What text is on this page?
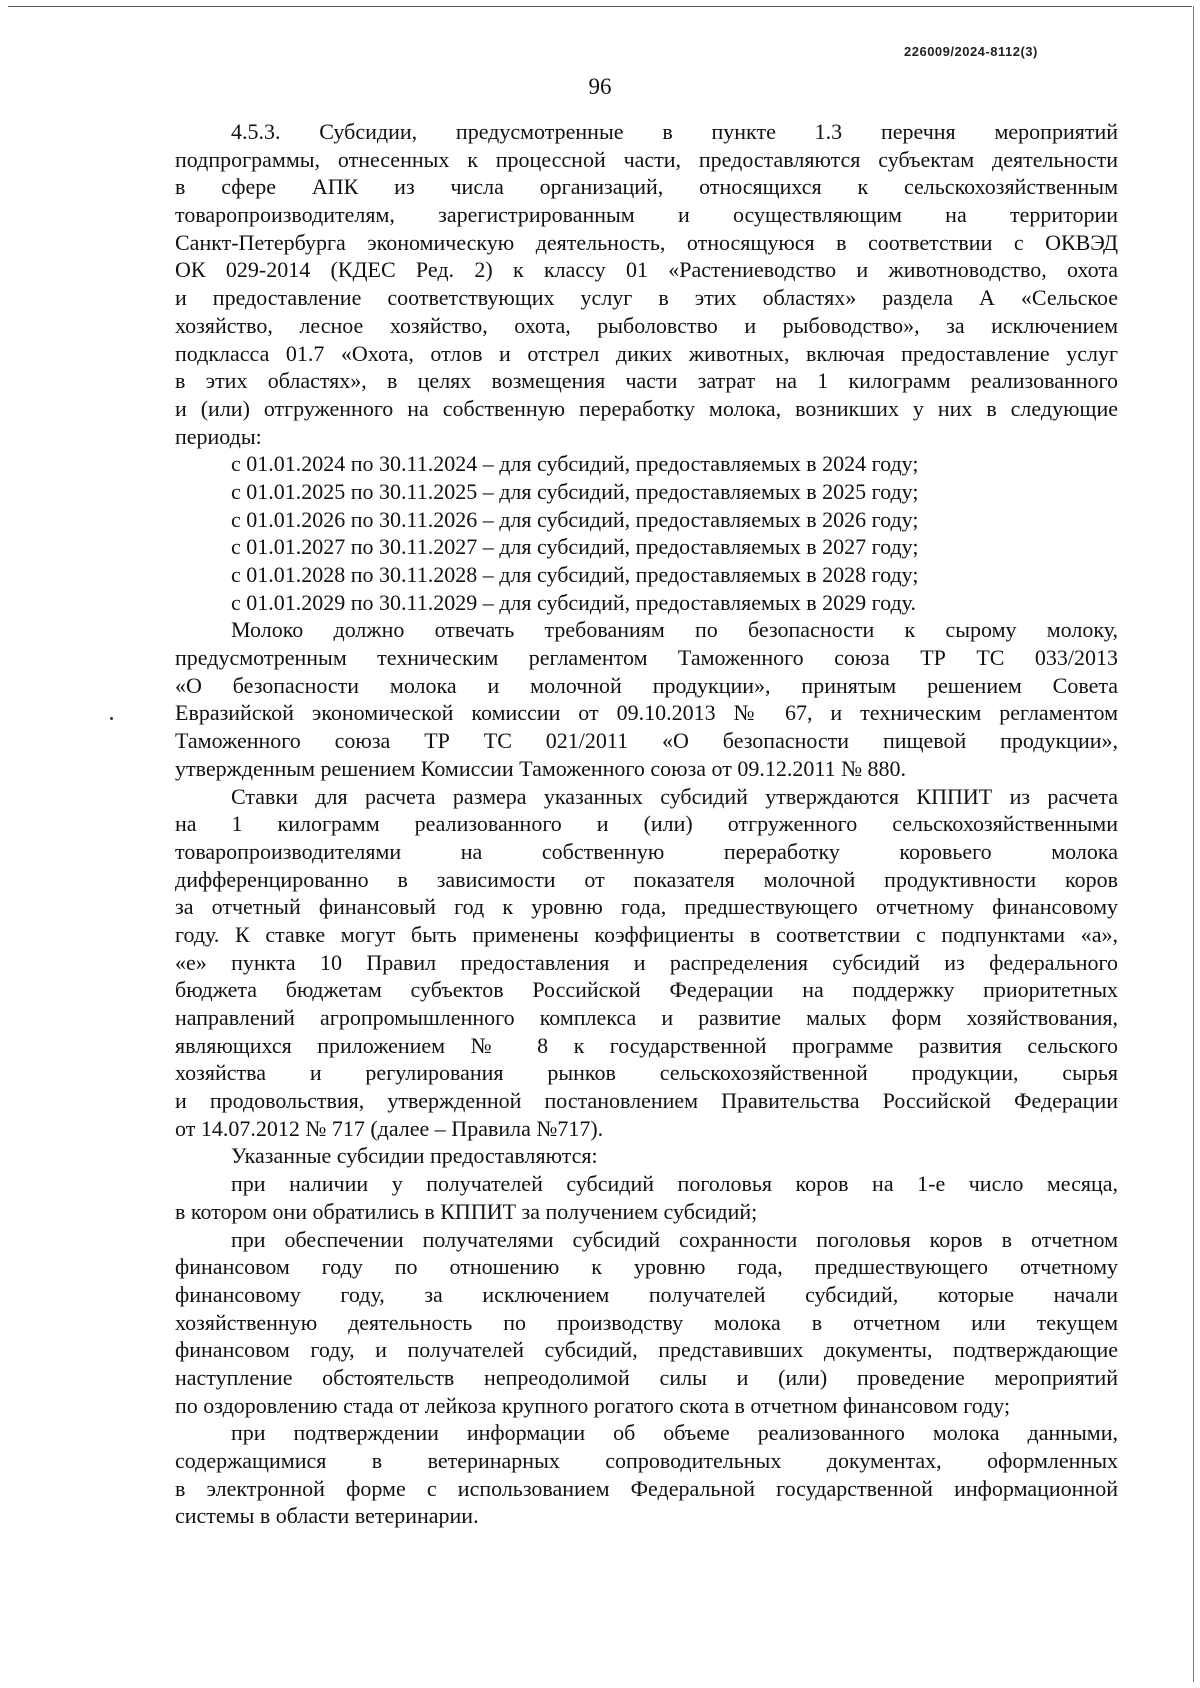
226009/2024-8112(3)
96
4.5.3. Субсидии, предусмотренные в пункте 1.3 перечня мероприятий
подпрограммы, отнесенных к процессной части, предоставляются субъектам деятельности
в сфере АПК из числа организаций, относящихся к сельскохозяйственным
товаропроизводителям, зарегистрированным и осуществляющим на территории
Санкт-Петербурга экономическую деятельность, относящуюся в соответствии с ОКВЭД
ОК 029-2014 (КДЕС Ред. 2) к классу 01 «Растениеводство и животноводство, охота
и предоставление соответствующих услуг в этих областях» раздела А «Сельское
хозяйство, лесное хозяйство, охота, рыболовство и рыбоводство», за исключением
подкласса 01.7 «Охота, отлов и отстрел диких животных, включая предоставление услуг
в этих областях», в целях возмещения части затрат на 1 килограмм реализованного
и (или) отгруженного на собственную переработку молока, возникших у них в следующие
периоды:
с 01.01.2024 по 30.11.2024 – для субсидий, предоставляемых в 2024 году;
с 01.01.2025 по 30.11.2025 – для субсидий, предоставляемых в 2025 году;
с 01.01.2026 по 30.11.2026 – для субсидий, предоставляемых в 2026 году;
с 01.01.2027 по 30.11.2027 – для субсидий, предоставляемых в 2027 году;
с 01.01.2028 по 30.11.2028 – для субсидий, предоставляемых в 2028 году;
с 01.01.2029 по 30.11.2029 – для субсидий, предоставляемых в 2029 году.
Молоко должно отвечать требованиям по безопасности к сырому молоку,
предусмотренным техническим регламентом Таможенного союза ТР ТС 033/2013
«О безопасности молока и молочной продукции», принятым решением Совета
Евразийской экономической комиссии от 09.10.2013 № 67, и техническим регламентом
Таможенного союза ТР ТС 021/2011 «О безопасности пищевой продукции»,
утвержденным решением Комиссии Таможенного союза от 09.12.2011 № 880.
Ставки для расчета размера указанных субсидий утверждаются КППИТ из расчета
на 1 килограмм реализованного и (или) отгруженного сельскохозяйственными
товаропроизводителями на собственную переработку коровьего молока
дифференцированно в зависимости от показателя молочной продуктивности коров
за отчетный финансовый год к уровню года, предшествующего отчетному финансовому
году. К ставке могут быть применены коэффициенты в соответствии с подпунктами «а»,
«е» пункта 10 Правил предоставления и распределения субсидий из федерального
бюджета бюджетам субъектов Российской Федерации на поддержку приоритетных
направлений агропромышленного комплекса и развитие малых форм хозяйствования,
являющихся приложением № 8 к государственной программе развития сельского
хозяйства и регулирования рынков сельскохозяйственной продукции, сырья
и продовольствия, утвержденной постановлением Правительства Российской Федерации
от 14.07.2012 № 717 (далее – Правила №717).
Указанные субсидии предоставляются:
при наличии у получателей субсидий поголовья коров на 1-е число месяца,
в котором они обратились в КППИТ за получением субсидий;
при обеспечении получателями субсидий сохранности поголовья коров в отчетном
финансовом году по отношению к уровню года, предшествующего отчетному
финансовому году, за исключением получателей субсидий, которые начали
хозяйственную деятельность по производству молока в отчетном или текущем
финансовом году, и получателей субсидий, представивших документы, подтверждающие
наступление обстоятельств непреодолимой силы и (или) проведение мероприятий
по оздоровлению стада от лейкоза крупного рогатого скота в отчетном финансовом году;
при подтверждении информации об объеме реализованного молока данными,
содержащимися в ветеринарных сопроводительных документах, оформленных
в электронной форме с использованием Федеральной государственной информационной
системы в области ветеринарии.
